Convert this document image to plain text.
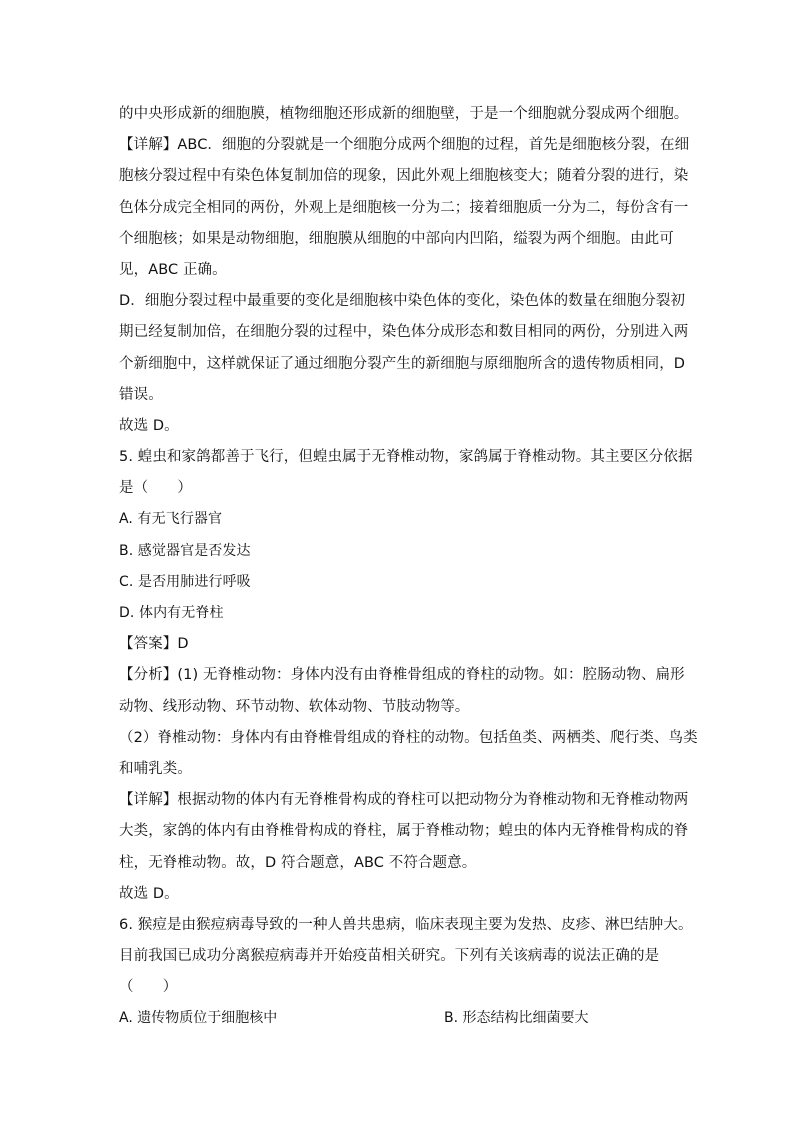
的中央形成新的细胞膜，植物细胞还形成新的细胞壁，于是一个细胞就分裂成两个细胞。
【详解】ABC．细胞的分裂就是一个细胞分成两个细胞的过程，首先是细胞核分裂，在细
胞核分裂过程中有染色体复制加倍的现象，因此外观上细胞核变大；随着分裂的进行，染
色体分成完全相同的两份，外观上是细胞核一分为二；接着细胞质一分为二，每份含有一
个细胞核；如果是动物细胞，细胞膜从细胞的中部向内凹陷，缢裂为两个细胞。由此可
见，ABC 正确。
D．细胞分裂过程中最重要的变化是细胞核中染色体的变化，染色体的数量在细胞分裂初
期已经复制加倍，在细胞分裂的过程中，染色体分成形态和数目相同的两份，分别进入两
个新细胞中，这样就保证了通过细胞分裂产生的新细胞与原细胞所含的遗传物质相同，D
错误。
故选 D。
5. 蝗虫和家鸽都善于飞行，但蝗虫属于无脊椎动物，家鸽属于脊椎动物。其主要区分依据
是（　　）
A. 有无飞行器官
B. 感觉器官是否发达
C. 是否用肺进行呼吸
D. 体内有无脊柱
【答案】D
【分析】(1) 无脊椎动物：身体内没有由脊椎骨组成的脊柱的动物。如：腔肠动物、扁形
动物、线形动物、环节动物、软体动物、节肢动物等。
（2）脊椎动物：身体内有由脊椎骨组成的脊柱的动物。包括鱼类、两栖类、爬行类、鸟类
和哺乳类。
【详解】根据动物的体内有无脊椎骨构成的脊柱可以把动物分为脊椎动物和无脊椎动物两
大类，家鸽的体内有由脊椎骨构成的脊柱，属于脊椎动物；蝗虫的体内无脊椎骨构成的脊
柱，无脊椎动物。故，D 符合题意，ABC 不符合题意。
故选 D。
6. 猴痘是由猴痘病毒导致的一种人兽共患病，临床表现主要为发热、皮疹、淋巴结肿大。
目前我国已成功分离猴痘病毒并开始疫苗相关研究。下列有关该病毒的说法正确的是
（　　）
A. 遗传物质位于细胞核中	B. 形态结构比细菌要大
